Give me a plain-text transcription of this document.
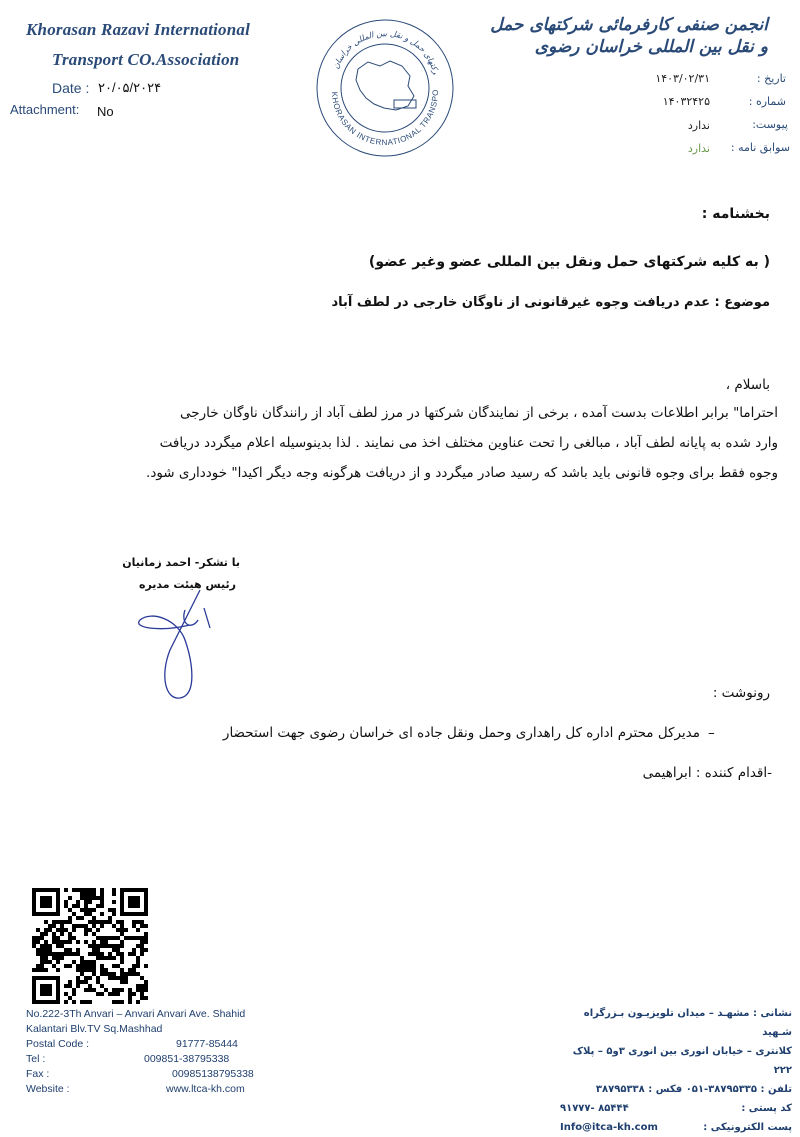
Khorasan Razavi International
Transport CO.Association
Date : ۲۰/۰۵/۲۰۲۴
Attachment: No
KHORASAN INTERNATIONAL TRANSPO
رکتهای حمل و نقل بین المللی خراسان
انجمن صنفی کارفرمائی شرکتهای حمل و نقل بین المللی خراسان رضوی
تاریخ :
۱۴۰۳/۰۲/۳۱
شماره :
۱۴۰۳۲۴۲۵
پیوست:
ندارد
سوابق نامه :
ندارد
بخشنامه :
( به کلیه شرکتهای حمل ونقل بین المللی عضو وغیر عضو)
موضوع : عدم دریافت وجوه غیرقانونی از ناوگان خارجی در لطف آباد
باسلام ،
احتراما" برابر اطلاعات بدست آمده ، برخی از نمایندگان شرکتها در مرز لطف آباد از رانندگان ناوگان خارجی
وارد شده به پایانه لطف آباد ، مبالغی را تحت عناوین مختلف اخذ می نمایند . لذا بدینوسیله اعلام میگردد دریافت
وجوه فقط برای وجوه قانونی باید باشد که رسید صادر میگردد و از دریافت هرگونه وجه دیگر اکیدا" خودداری شود.
با تشکر- احمد زمانیان
رئیس هیئت مدیره
رونوشت :
مدیرکل محترم اداره کل راهداری وحمل ونقل جاده ای خراسان رضوی جهت استحضار –
-اقدام کننده : ابراهیمی
No.222-3Th Anvari – Anvari Anvari Ave. Shahid
Kalantari Blv.TV Sq.Mashhad
Postal Code :	91777-85444
Tel :	009851-38795338
Fax :	00985138795338
Website :	www.ltca-kh.com
نشانی : مشهـد – میدان تلویزیـون بـزرگراه شـهید
کلانتری – خیابان انوری بین انوری ۳و۵ – پلاک ۲۲۲
تلفن : ۳۸۷۹۵۳۳۵-۰۵۱ فکس : ۳۸۷۹۵۳۳۸
کد پستی :
۸۵۴۴۴ -۹۱۷۷۷
پست الکترونیکی :
Info@itca-kh.com
